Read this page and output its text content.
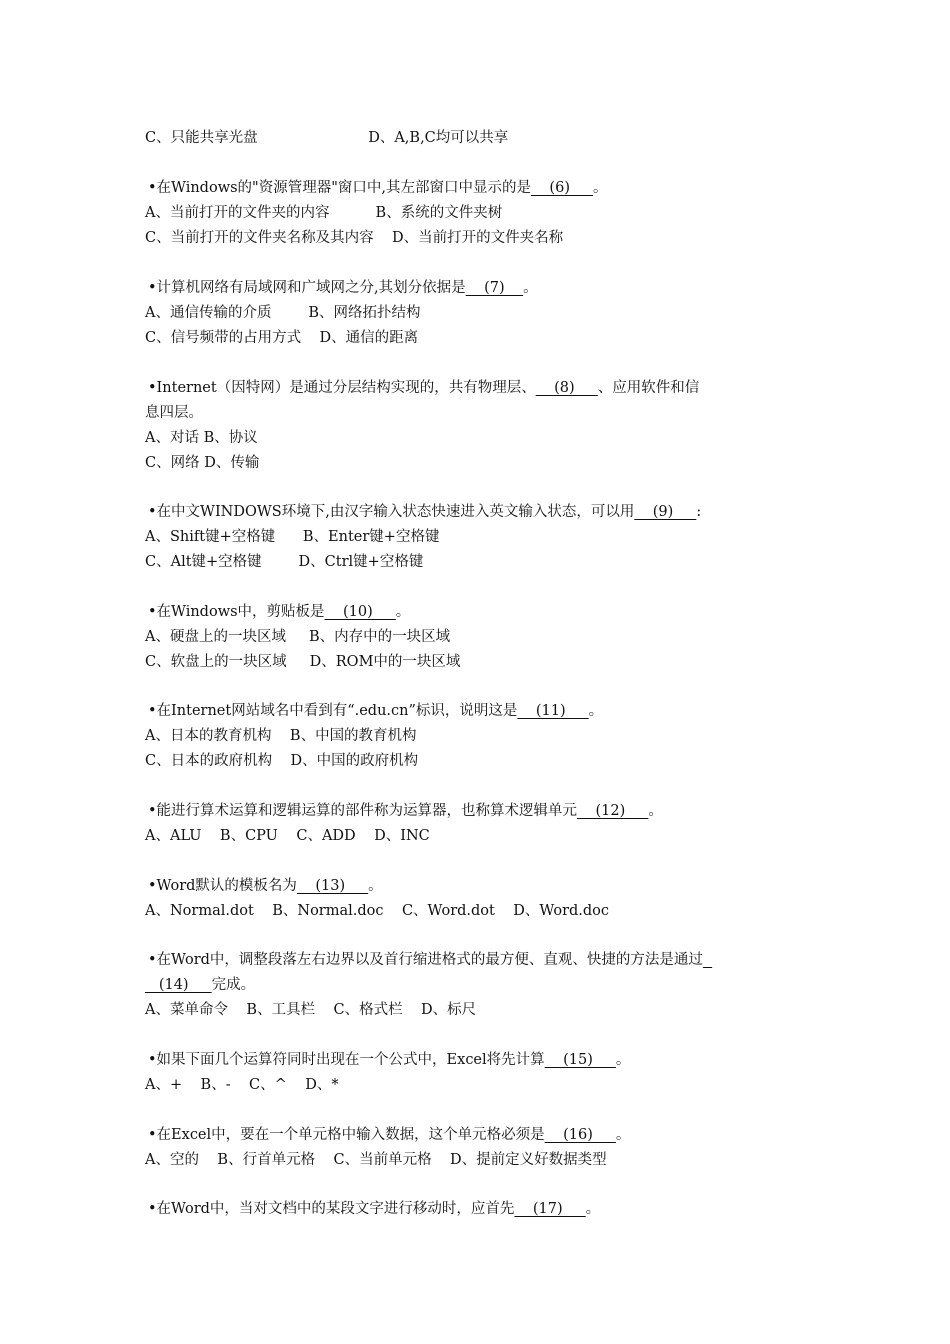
C、只能共享光盘                        D、A,B,C均可以共享
•在Windows的"资源管理器"窗口中,其左部窗口中显示的是    (6)     。
A、当前打开的文件夹的内容          B、系统的文件夹树
C、当前打开的文件夹名称及其内容    D、当前打开的文件夹名称
•计算机网络有局域网和广域网之分,其划分依据是    (7)    。
A、通信传输的介质        B、网络拓扑结构
C、信号频带的占用方式    D、通信的距离
•Internet（因特网）是通过分层结构实现的，共有物理层、    (8)     、应用软件和信
息四层。
A、对话 B、协议
C、网络 D、传输
•在中文WINDOWS环境下,由汉字输入状态快速进入英文输入状态，可以用    (9)     :
A、Shift键+空格键      B、Enter键+空格键
C、Alt键+空格键        D、Ctrl键+空格键
•在Windows中，剪贴板是    (10)     。
A、硬盘上的一块区域     B、内存中的一块区域
C、软盘上的一块区域     D、ROM中的一块区域
•在Internet网站域名中看到有“.edu.cn”标识，说明这是    (11)     。
A、日本的教育机构    B、中国的教育机构
C、日本的政府机构    D、中国的政府机构
•能进行算术运算和逻辑运算的部件称为运算器，也称算术逻辑单元    (12)     。
A、ALU    B、CPU    C、ADD    D、INC
•Word默认的模板名为    (13)     。
A、Normal.dot    B、Normal.doc    C、Word.dot    D、Word.doc
•在Word中，调整段落左右边界以及首行缩进格式的最方便、直观、快捷的方法是通过
(14)     完成。
A、菜单命令    B、工具栏    C、格式栏    D、标尺
•如果下面几个运算符同时出现在一个公式中，Excel将先计算    (15)     。
A、+    B、-    C、^    D、*
•在Excel中，要在一个单元格中输入数据，这个单元格必须是    (16)     。
A、空的    B、行首单元格    C、当前单元格    D、提前定义好数据类型
•在Word中，当对文档中的某段文字进行移动时，应首先    (17)     。
